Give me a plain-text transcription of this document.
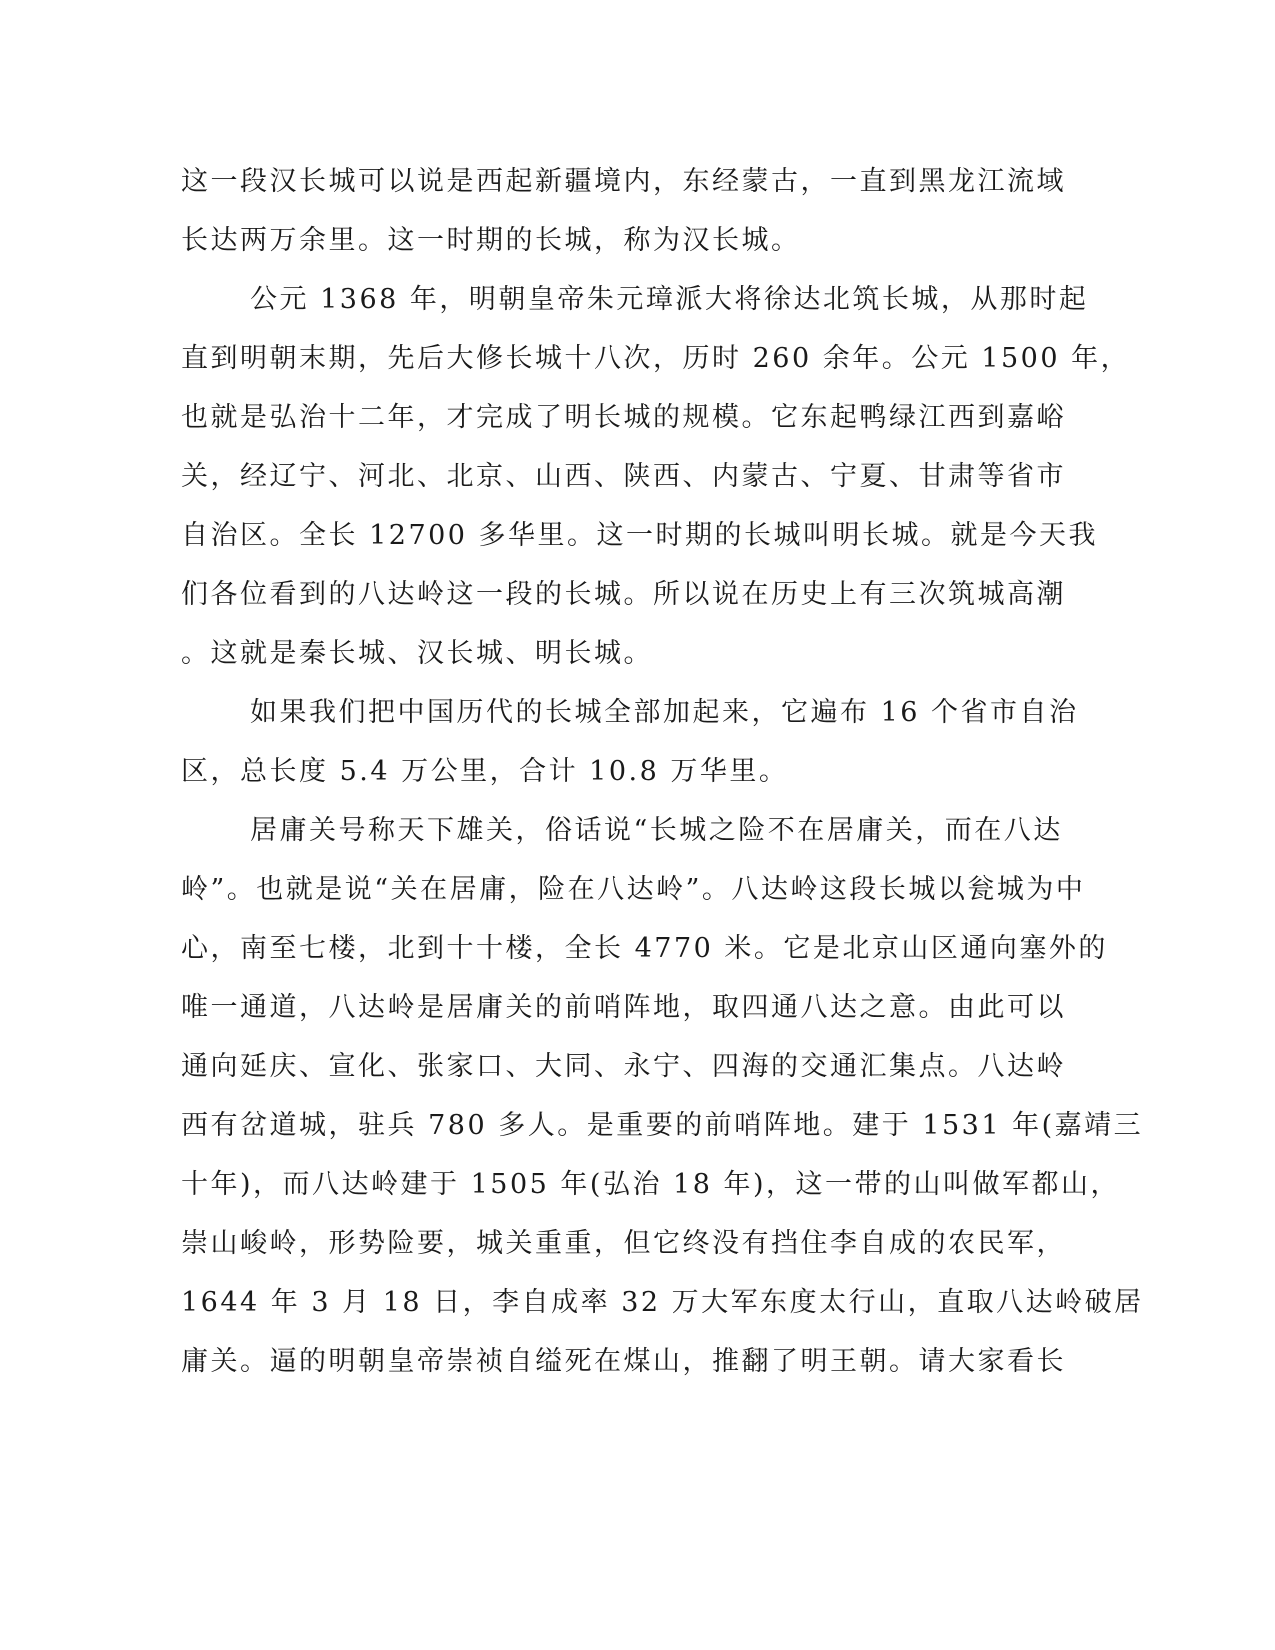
这一段汉长城可以说是西起新疆境内，东经蒙古，一直到黑龙江流域
长达两万余里。这一时期的长城，称为汉长城。
公元 1368 年，明朝皇帝朱元璋派大将徐达北筑长城，从那时起
直到明朝末期，先后大修长城十八次，历时 260 余年。公元 1500 年，
也就是弘治十二年，才完成了明长城的规模。它东起鸭绿江西到嘉峪
关，经辽宁、河北、北京、山西、陕西、内蒙古、宁夏、甘肃等省市
自治区。全长 12700 多华里。这一时期的长城叫明长城。就是今天我
们各位看到的八达岭这一段的长城。所以说在历史上有三次筑城高潮
。这就是秦长城、汉长城、明长城。
如果我们把中国历代的长城全部加起来，它遍布 16 个省市自治
区，总长度 5.4 万公里，合计 10.8 万华里。
居庸关号称天下雄关，俗话说“长城之险不在居庸关，而在八达
岭”。也就是说“关在居庸，险在八达岭”。八达岭这段长城以瓮城为中
心，南至七楼，北到十十楼，全长 4770 米。它是北京山区通向塞外的
唯一通道，八达岭是居庸关的前哨阵地，取四通八达之意。由此可以
通向延庆、宣化、张家口、大同、永宁、四海的交通汇集点。八达岭
西有岔道城，驻兵 780 多人。是重要的前哨阵地。建于 1531 年(嘉靖三
十年)，而八达岭建于 1505 年(弘治 18 年)，这一带的山叫做军都山，
崇山峻岭，形势险要，城关重重，但它终没有挡住李自成的农民军，
1644 年 3 月 18 日，李自成率 32 万大军东度太行山，直取八达岭破居
庸关。逼的明朝皇帝崇祯自缢死在煤山，推翻了明王朝。请大家看长
